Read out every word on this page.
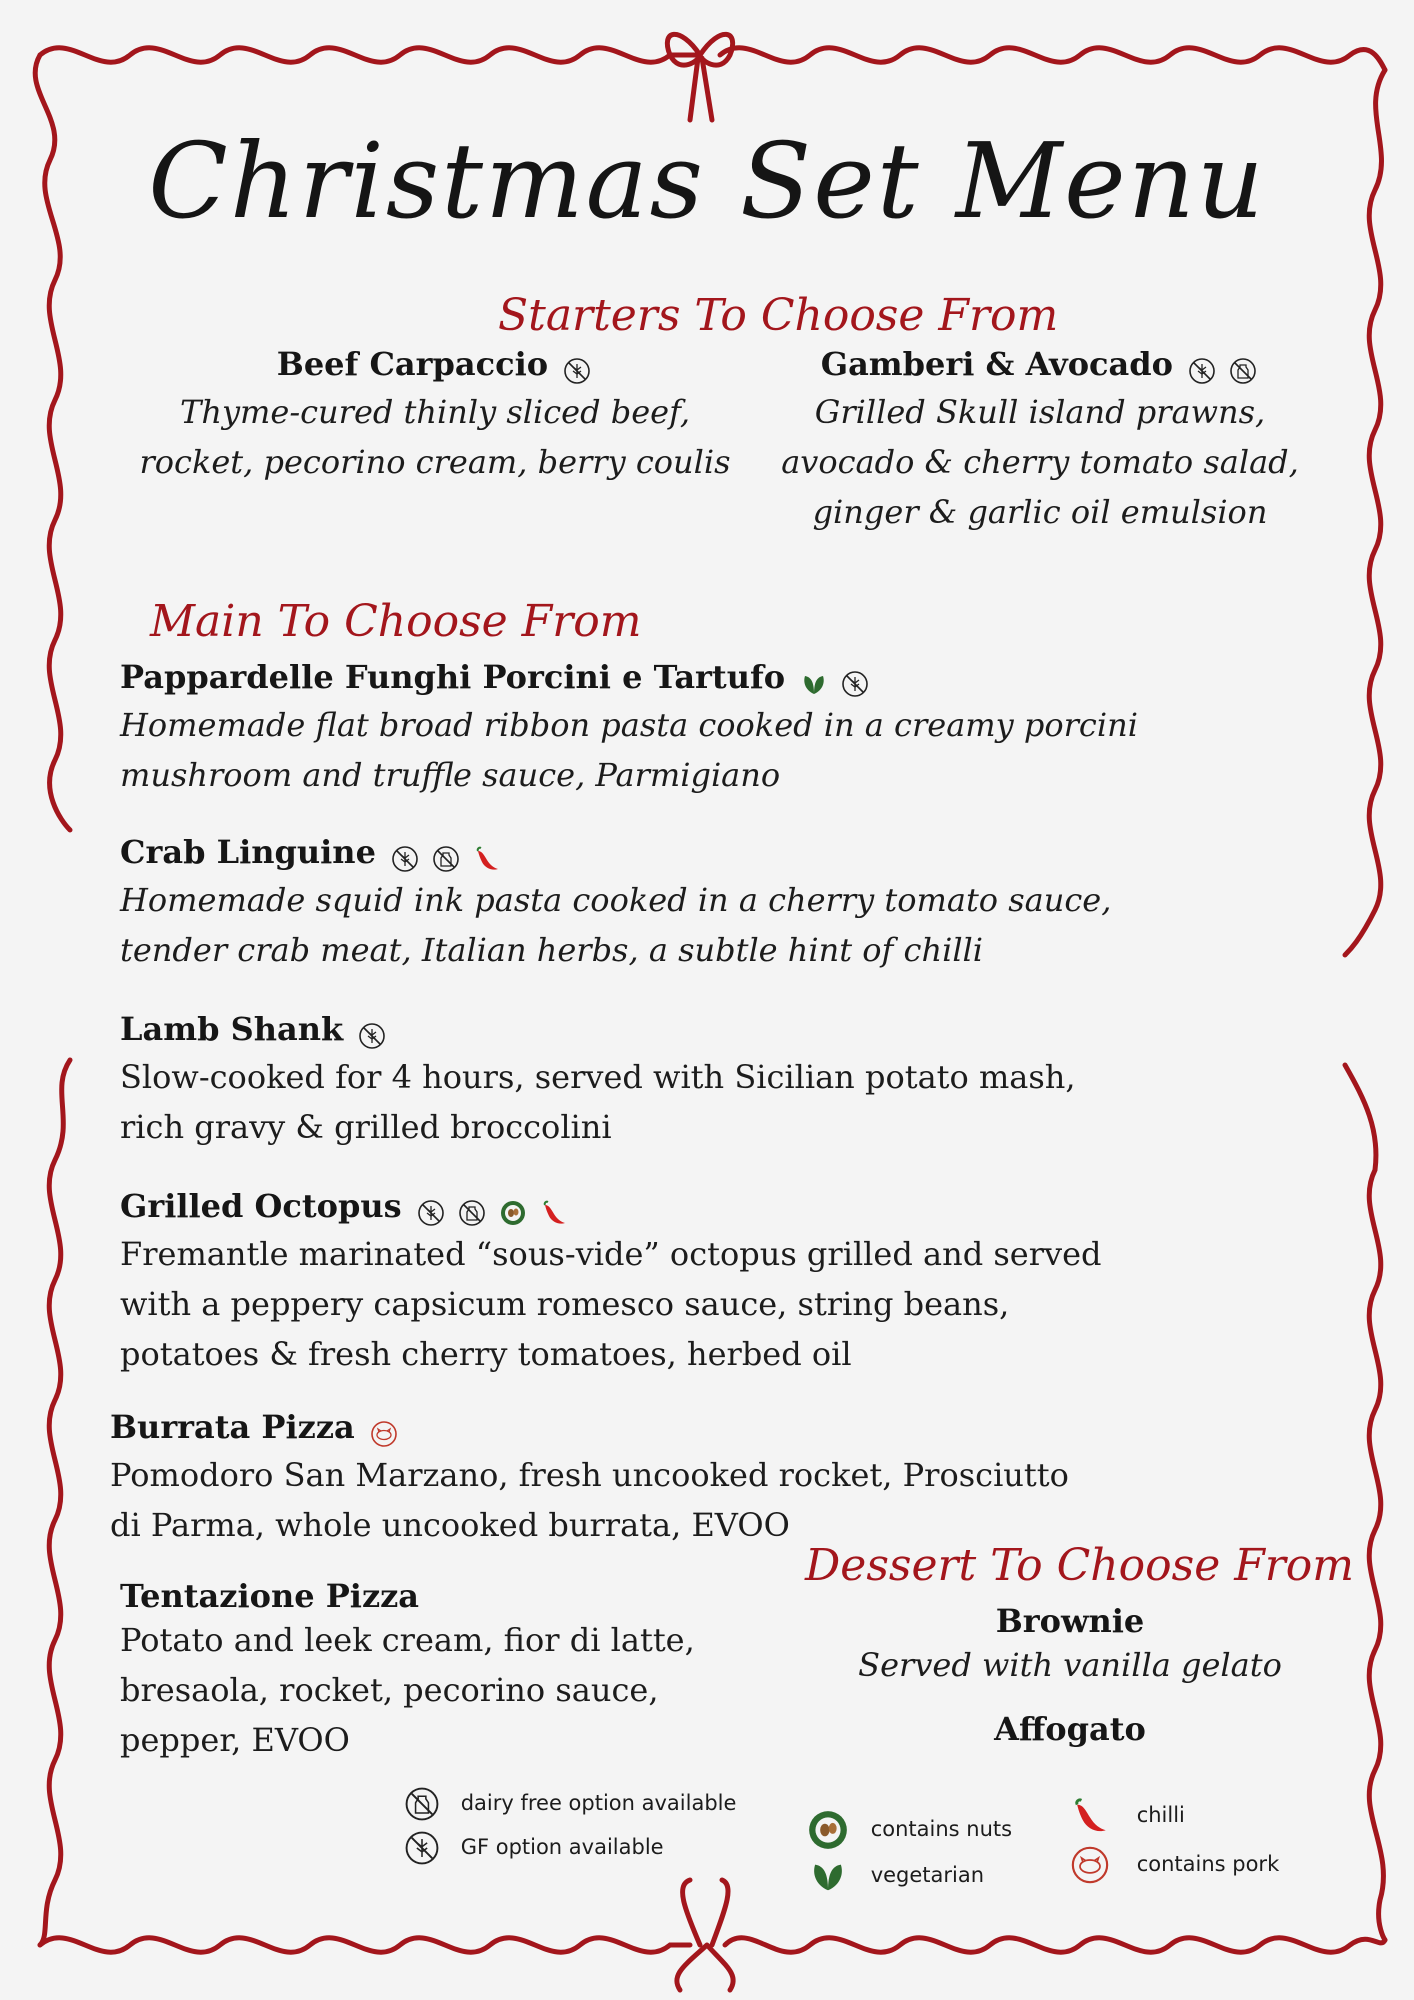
Christmas Set Menu
Starters To Choose From
Beef Carpaccio
Thyme-cured thinly sliced beef,
rocket, pecorino cream, berry coulis
Gamberi & Avocado
Grilled Skull island prawns,
avocado & cherry tomato salad,
ginger & garlic oil emulsion
Main To Choose From
Pappardelle Funghi Porcini e Tartufo
Homemade flat broad ribbon pasta cooked in a creamy porcini
mushroom and truffle sauce, Parmigiano
Crab Linguine
Homemade squid ink pasta cooked in a cherry tomato sauce,
tender crab meat, Italian herbs, a subtle hint of chilli
Lamb Shank
Slow-cooked for 4 hours, served with Sicilian potato mash,
rich gravy & grilled broccolini
Grilled Octopus
Fremantle marinated “sous-vide” octopus grilled and served
with a peppery capsicum romesco sauce, string beans,
potatoes & fresh cherry tomatoes, herbed oil
Burrata Pizza
Pomodoro San Marzano, fresh uncooked rocket, Prosciutto
di Parma, whole uncooked burrata, EVOO
Tentazione Pizza
Potato and leek cream, fior di latte,
bresaola, rocket, pecorino sauce,
pepper, EVOO
Dessert To Choose From
Brownie
Served with vanilla gelato
Affogato
dairy free option available
GF option available
contains nuts
vegetarian
chilli
contains pork
